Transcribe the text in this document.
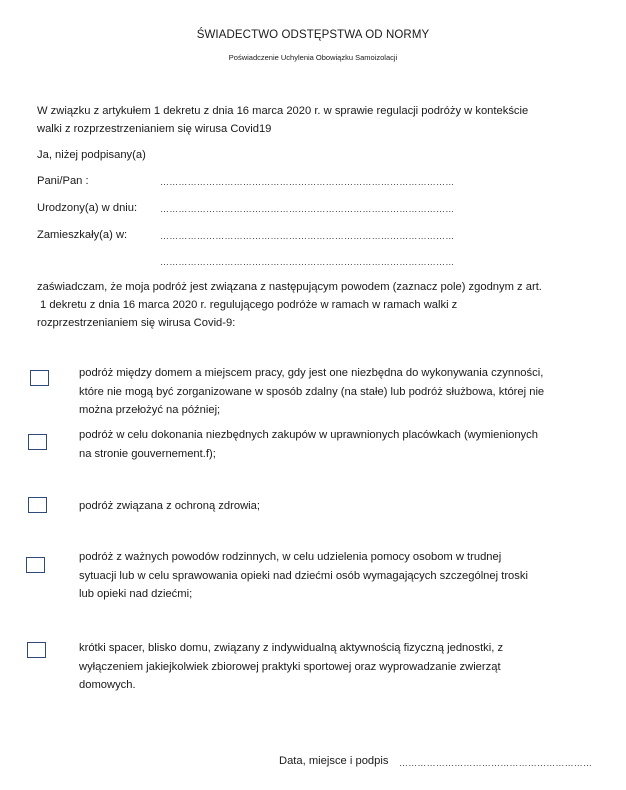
ŚWIADECTWO ODSTĘPSTWA OD NORMY
Poświadczenie Uchylenia Obowiązku Samoizolacji
W związku z artykułem 1 dekretu z dnia 16 marca 2020 r. w sprawie regulacji podróży w kontekście
walki z rozprzestrzenianiem się wirusa Covid19
Ja, niżej podpisany(a)
Pani/Pan :	……………………………………………………………………………………
Urodzony(a) w dniu:	……………………………………………………………………………………
Zamieszkały(a) w:	……………………………………………………………………………………
……………………………………………………………………………………
zaświadczam, że moja podróż jest związana z następującym powodem (zaznacz pole) zgodnym z art.
1 dekretu z dnia 16 marca 2020 r. regulującego podróże w ramach w ramach walki z
rozprzestrzenianiem się wirusa Covid-9:
podróż między domem a miejscem pracy, gdy jest one niezbędna do wykonywania czynności,
które nie mogą być zorganizowane w sposób zdalny (na stałe) lub podróż służbowa, której nie
można przełożyć na później;
podróż w celu dokonania niezbędnych zakupów w uprawnionych placówkach (wymienionych
na stronie gouvernement.f);
podróż związana z ochroną zdrowia;
podróż z ważnych powodów rodzinnych, w celu udzielenia pomocy osobom w trudnej
sytuacji lub w celu sprawowania opieki nad dziećmi osób wymagających szczególnej troski
lub opieki nad dziećmi;
krótki spacer, blisko domu, związany z indywidualną aktywnością fizyczną jednostki, z
wyłączeniem jakiejkolwiek zbiorowej praktyki sportowej oraz wyprowadzanie zwierząt
domowych.
Data, miejsce i podpis ………………………………………………………
